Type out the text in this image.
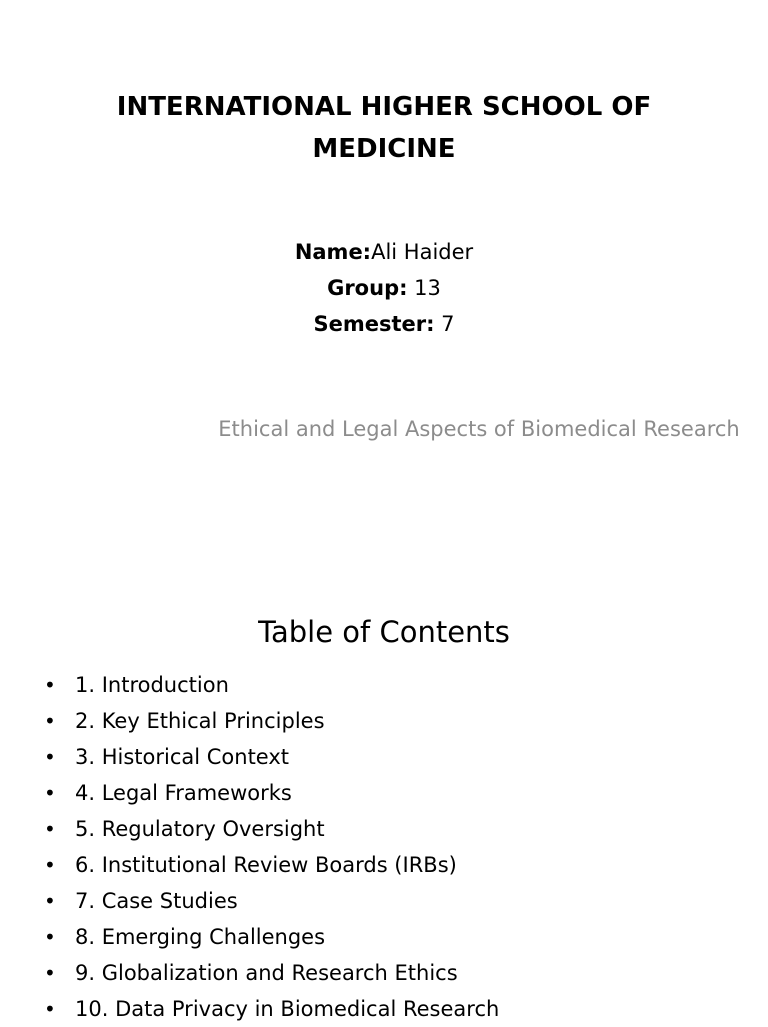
INTERNATIONAL HIGHER SCHOOL OF
MEDICINE
Name:Ali Haider
Group: 13
Semester: 7
Ethical and Legal Aspects of Biomedical Research
Table of Contents
• 1. Introduction
• 2. Key Ethical Principles
• 3. Historical Context
• 4. Legal Frameworks
• 5. Regulatory Oversight
• 6. Institutional Review Boards (IRBs)
• 7. Case Studies
• 8. Emerging Challenges
• 9. Globalization and Research Ethics
• 10. Data Privacy in Biomedical Research
